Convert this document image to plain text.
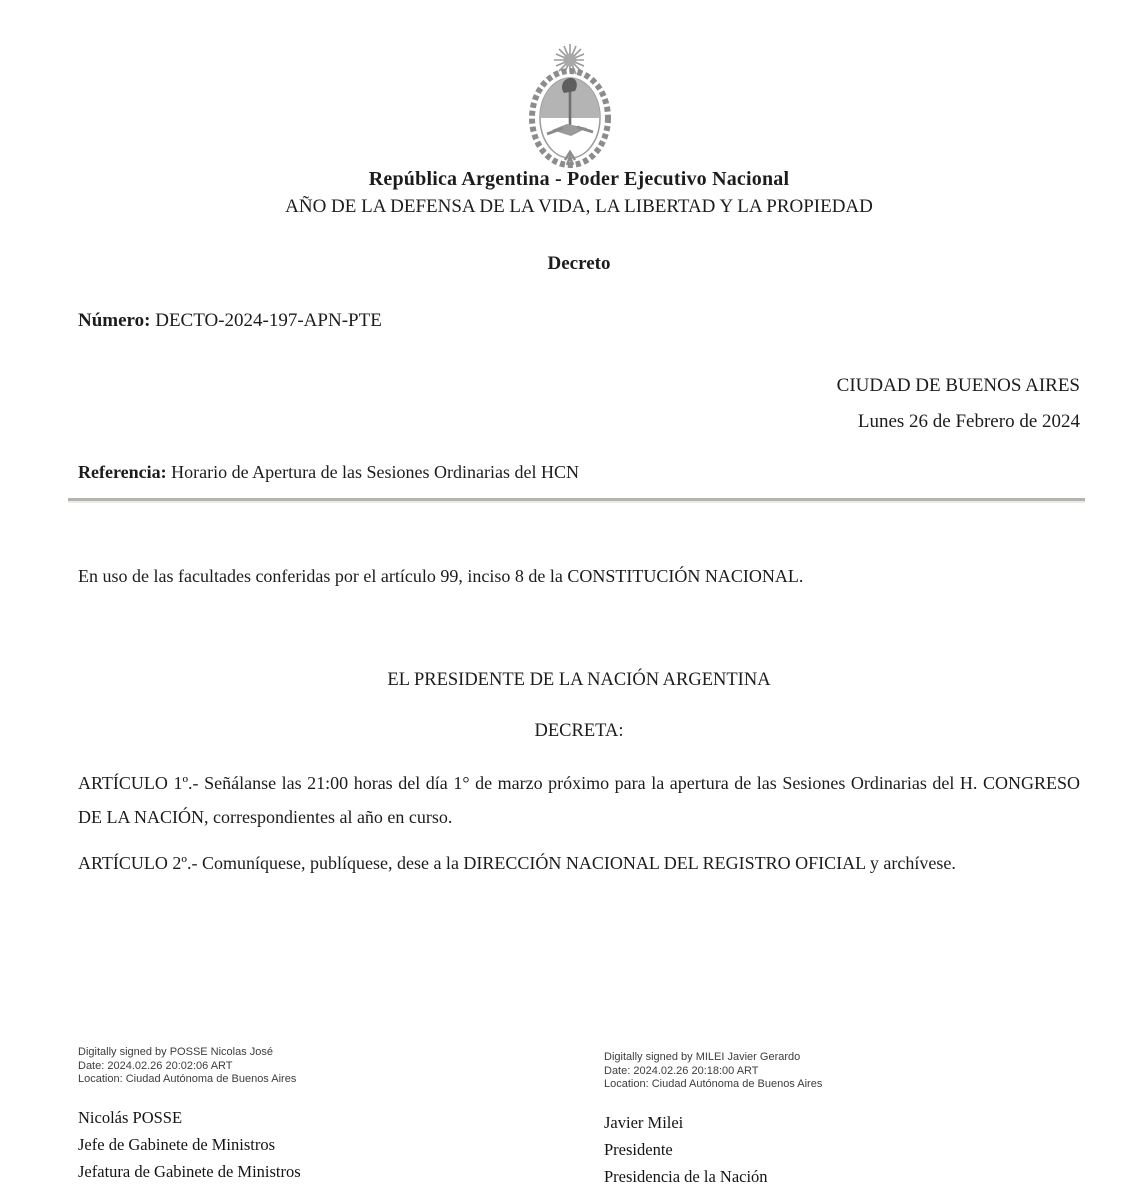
República Argentina - Poder Ejecutivo Nacional
AÑO DE LA DEFENSA DE LA VIDA, LA LIBERTAD Y LA PROPIEDAD
Decreto
Número: DECTO-2024-197-APN-PTE
CIUDAD DE BUENOS AIRES
Lunes 26 de Febrero de 2024
Referencia: Horario de Apertura de las Sesiones Ordinarias del HCN
En uso de las facultades conferidas por el artículo 99, inciso 8 de la CONSTITUCIÓN NACIONAL.
EL PRESIDENTE DE LA NACIÓN ARGENTINA
DECRETA:
ARTÍCULO 1º.- Señálanse las 21:00 horas del día 1° de marzo próximo para la apertura de las Sesiones Ordinarias del H. CONGRESO DE LA NACIÓN, correspondientes al año en curso.
ARTÍCULO 2º.- Comuníquese, publíquese, dese a la DIRECCIÓN NACIONAL DEL REGISTRO OFICIAL y archívese.
Digitally signed by POSSE Nicolas José
Date: 2024.02.26 20:02:06 ART
Location: Ciudad Autónoma de Buenos Aires
Nicolás POSSE
Jefe de Gabinete de Ministros
Jefatura de Gabinete de Ministros
Digitally signed by MILEI Javier Gerardo
Date: 2024.02.26 20:18:00 ART
Location: Ciudad Autónoma de Buenos Aires
Javier Milei
Presidente
Presidencia de la Nación
